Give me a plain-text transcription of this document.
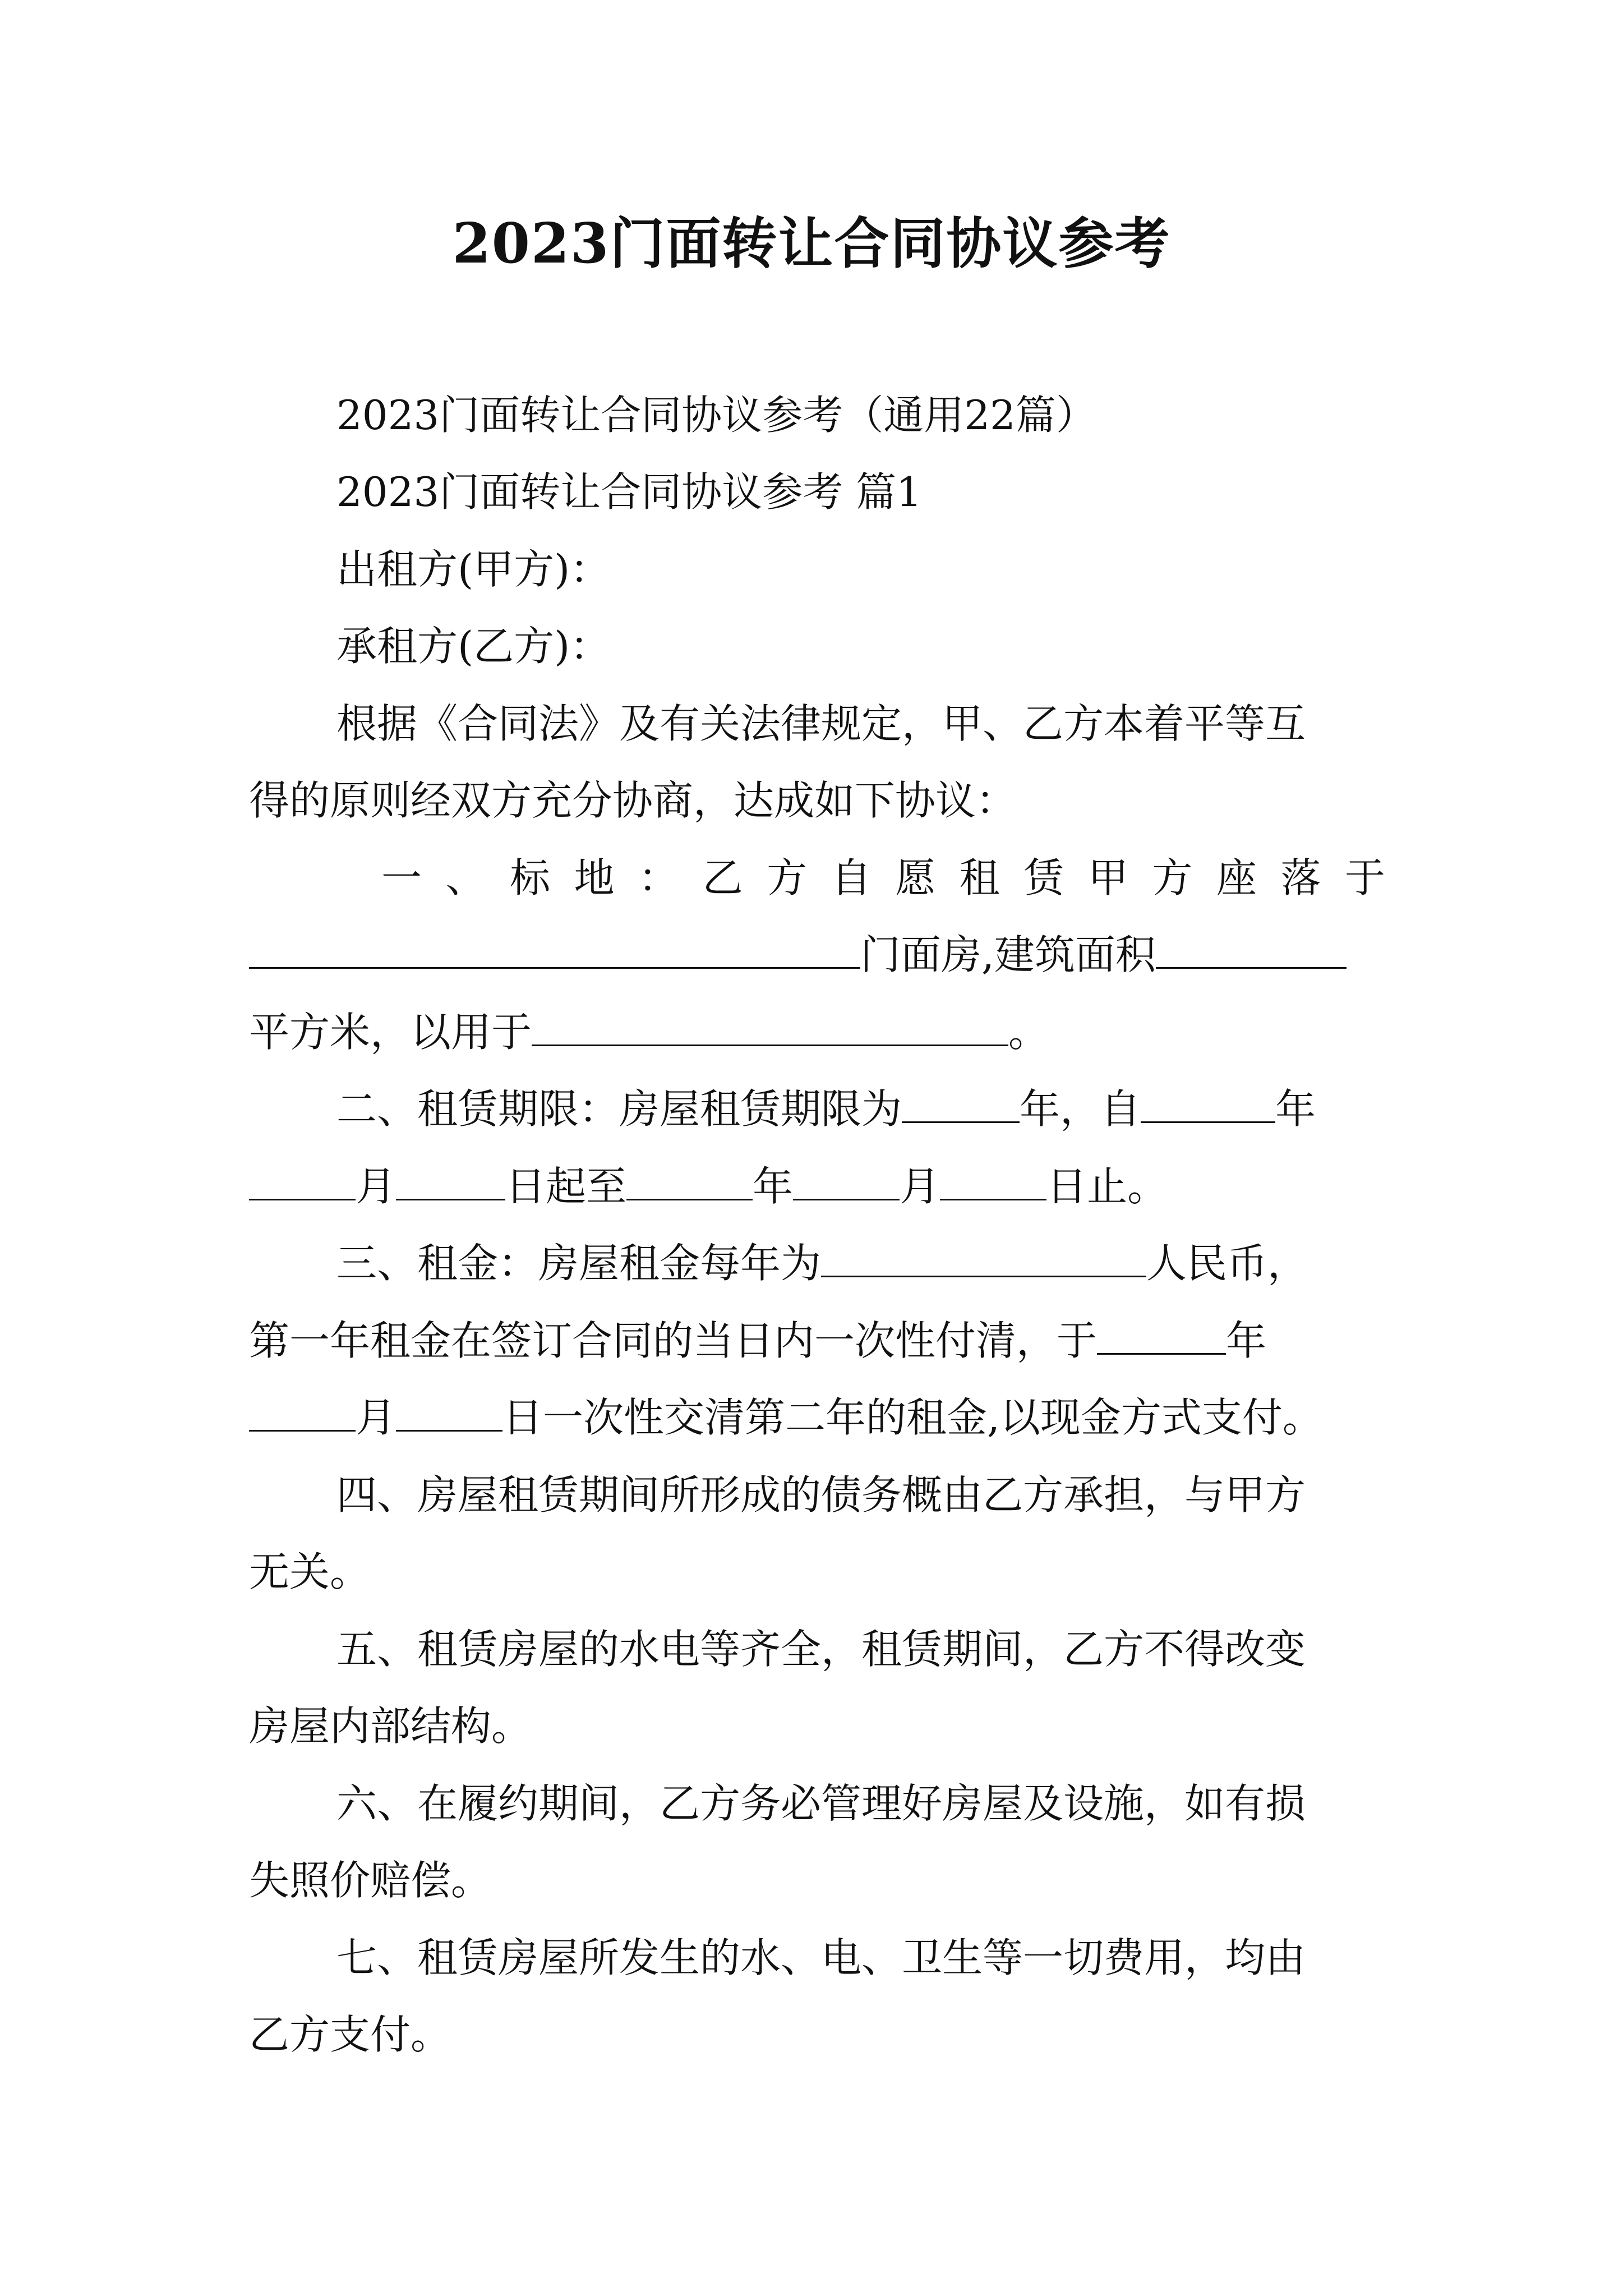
2023门面转让合同协议参考
2023门面转让合同协议参考（通用22篇）
2023门面转让合同协议参考 篇1
出租方(甲方)：
承租方(乙方)：
根据《合同法》及有关法律规定，甲、乙方本着平等互
得的原则经双方充分协商，达成如下协议：
一 、 标 地 ： 乙 方 自 愿 租 赁 甲 方 座 落 于
门面房,建筑面积
平方米，以用于	。
二、租赁期限：房屋租赁期限为	年，自	年
月	日起至	年	月	日止。
三、租金：房屋租金每年为	人民币，
第一年租金在签订合同的当日内一次性付清，于	年
月	日一次性交清第二年的租金,以现金方式支付。
四、房屋租赁期间所形成的债务概由乙方承担，与甲方
无关。
五、租赁房屋的水电等齐全，租赁期间，乙方不得改变
房屋内部结构。
六、在履约期间，乙方务必管理好房屋及设施，如有损
失照价赔偿。
七、租赁房屋所发生的水、电、卫生等一切费用，均由
乙方支付。
